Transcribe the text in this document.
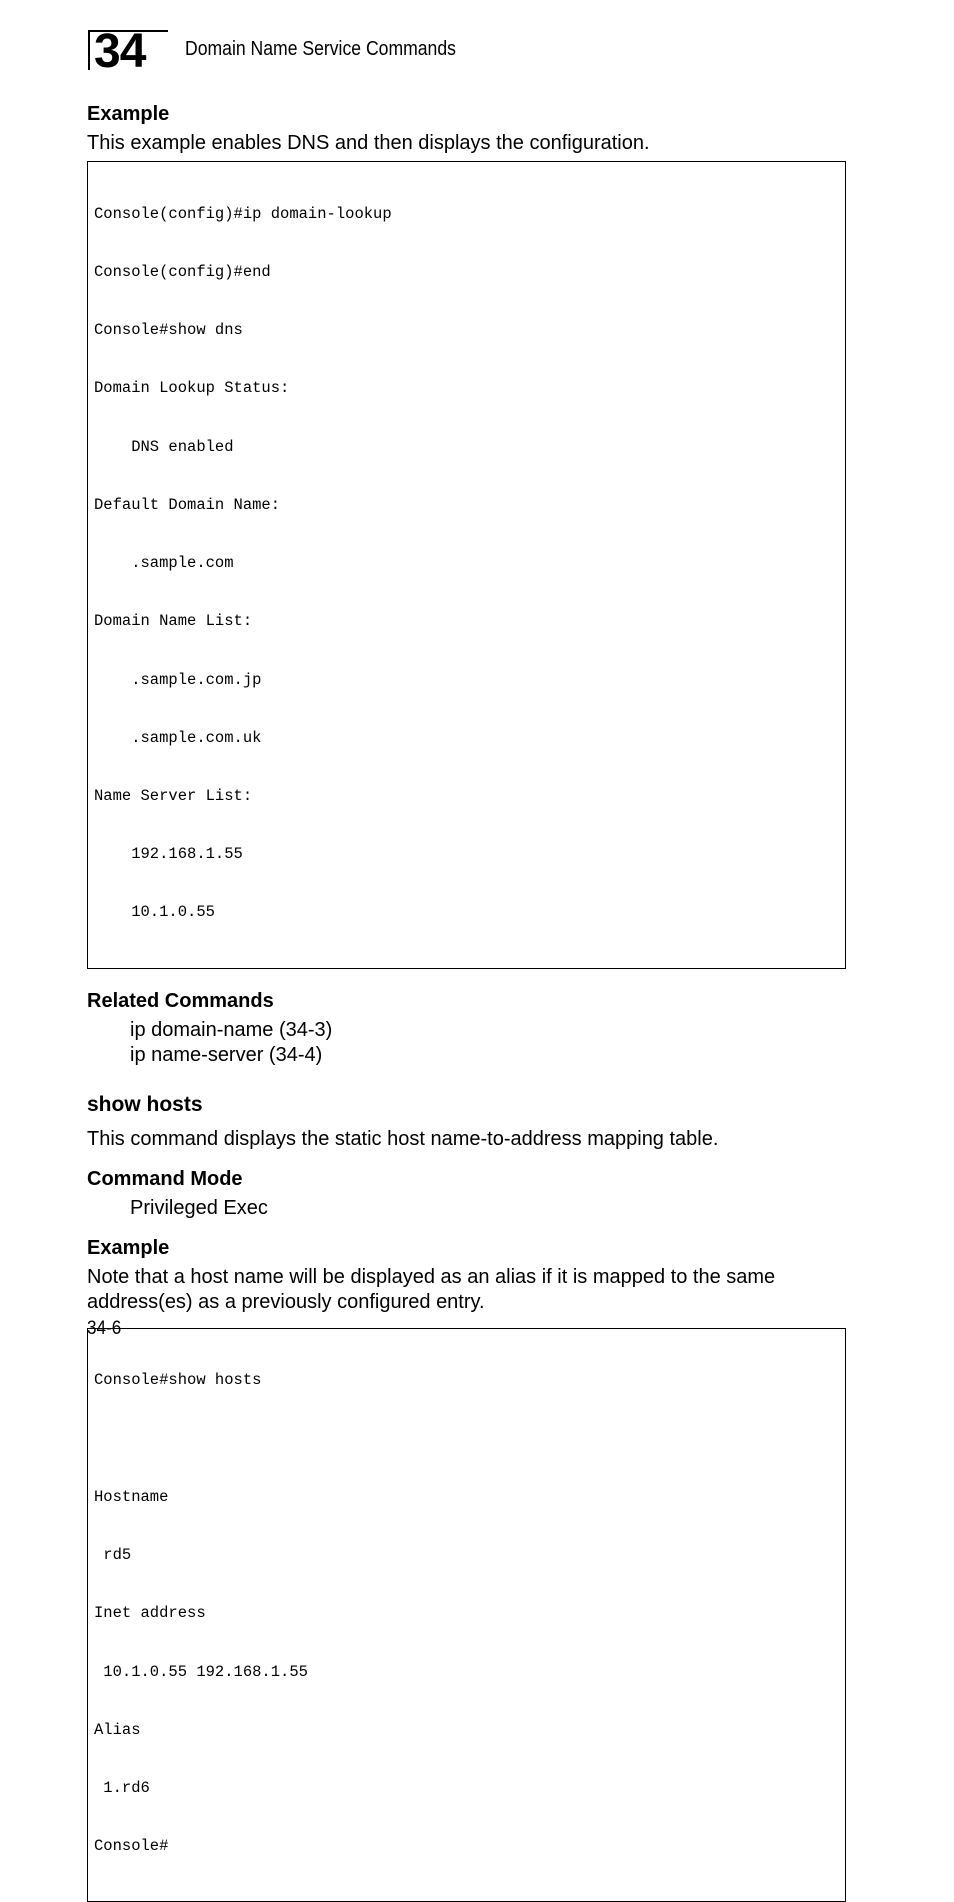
34	Domain Name Service Commands
Example

This example enables DNS and then displays the configuration.

Console(config)#ip domain-lookup

Console(config)#end

Console#show dns

Domain Lookup Status:

DNS enabled

Default Domain Name:

.sample.com

Domain Name List:

.sample.com.jp

.sample.com.uk

Name Server List:

192.168.1.55

10.1.0.55

Related Commands

ip domain-name (34-3)

ip name-server (34-4)

show hosts

This command displays the static host name-to-address mapping table.

Command Mode

Privileged Exec

Example

Note that a host name will be displayed as an alias if it is mapped to the same address(es) as a previously configured entry.

Console#show hosts

Hostname

rd5

Inet address

10.1.0.55 192.168.1.55

Alias

1.rd6

Console#

34-6
